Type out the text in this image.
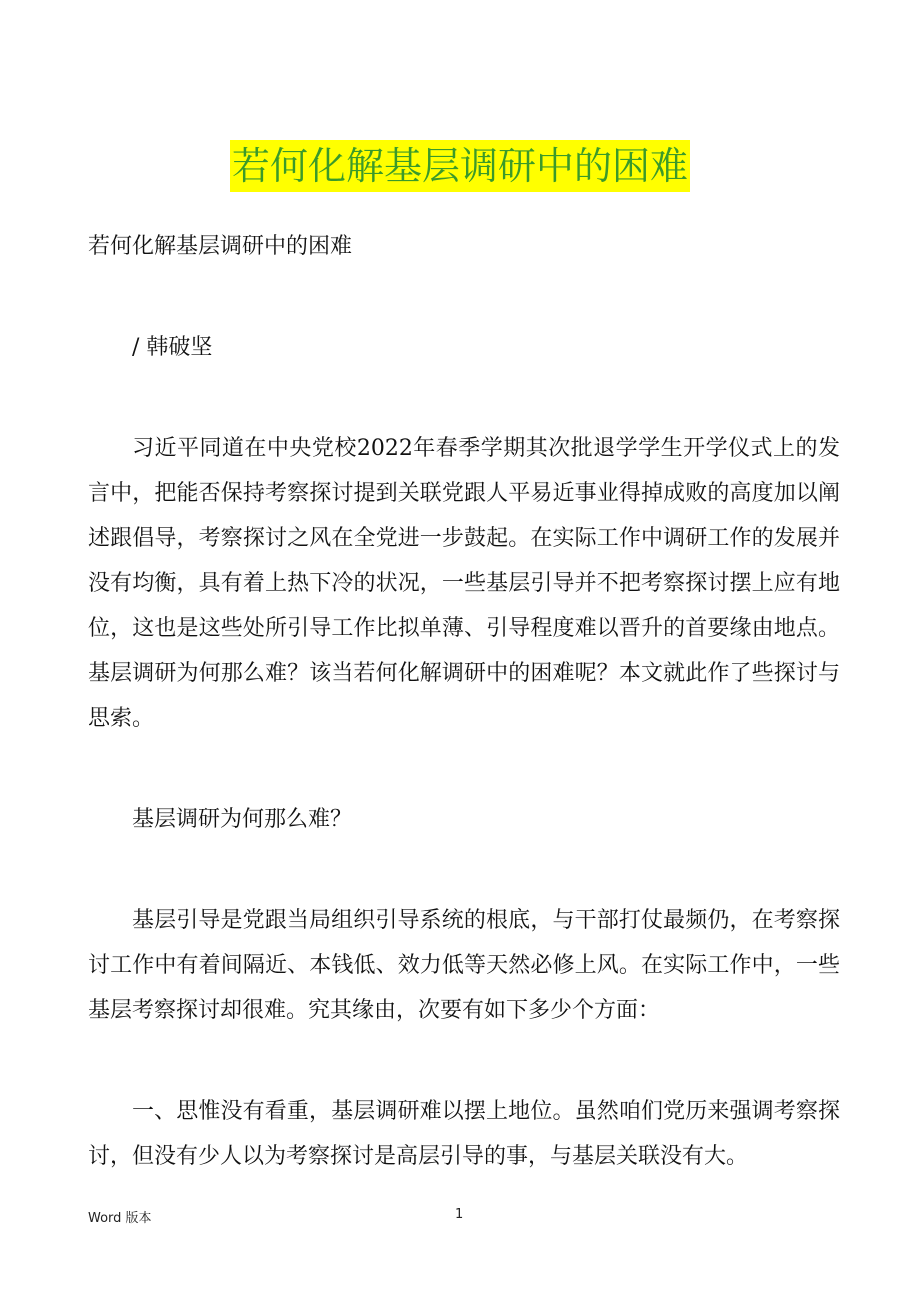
若何化解基层调研中的困难

若何化解基层调研中的困难

/ 韩破坚

习近平同道在中央党校2022年春季学期其次批退学学生开学仪式上的发言中，把能否保持考察探讨提到关联党跟人平易近事业得掉成败的高度加以阐述跟倡导，考察探讨之风在全党进一步鼓起。在实际工作中调研工作的发展并没有均衡，具有着上热下冷的状况，一些基层引导并不把考察探讨摆上应有地位，这也是这些处所引导工作比拟单薄、引导程度难以晋升的首要缘由地点。基层调研为何那么难？该当若何化解调研中的困难呢？本文就此作了些探讨与思索。

基层调研为何那么难？

基层引导是党跟当局组织引导系统的根底，与干部打仗最频仍，在考察探讨工作中有着间隔近、本钱低、效力低等天然必修上风。在实际工作中，一些基层考察探讨却很难。究其缘由，次要有如下多少个方面：

一、思惟没有看重，基层调研难以摆上地位。虽然咱们党历来强调考察探讨，但没有少人以为考察探讨是高层引导的事，与基层关联没有大。

Word 版本	1
